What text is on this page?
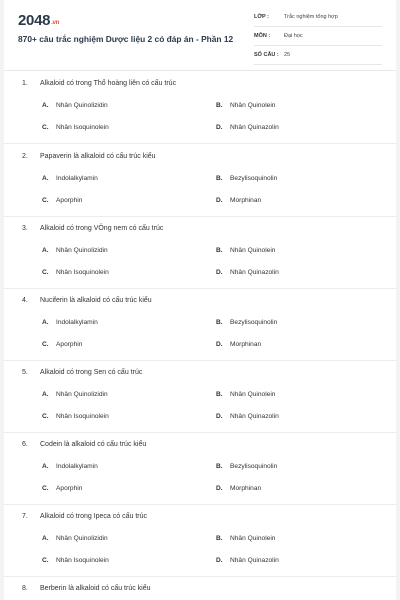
2048.vn
870+ câu trắc nghiệm Dược liệu 2 có đáp án - Phần 12
LỚP :	Trắc nghiệm tổng hợp
MÔN :	Đại học
SỐ CÂU : 25
1. Alkaloid có trong Thổ hoàng liên có cấu trúc
A. Nhân Quinolizidin	B. Nhân Quinolein
C. Nhân Isoquinolein	D. Nhân Quinazolin
2. Papaverin là alkaloid có cấu trúc kiểu
A. Indolalkylamin	B. Bezylisoquinolin
C. Aporphin	D. Morphinan
3. Alkaloid có trong VÔng nem có cấu trúc
A. Nhân Quinolizidin	B. Nhân Quinolein
C. Nhân Isoquinolein	D. Nhân Quinazolin
4. Nuciferin là alkaloid có cấu trúc kiểu
A. Indolalkylamin	B. Bezylisoquinolin
C. Aporphin	D. Morphinan
5. Alkaloid có trong Sen có cấu trúc
A. Nhân Quinolizidin	B. Nhân Quinolein
C. Nhân Isoquinolein	D. Nhân Quinazolin
6. Codein là alkaloid có cấu trúc kiểu
A. Indolalkylamin	B. Bezylisoquinolin
C. Aporphin	D. Morphinan
7. Alkaloid có trong Ipeca có cấu trúc
A. Nhân Quinolizidin	B. Nhân Quinolein
C. Nhân Isoquinolein	D. Nhân Quinazolin
8. Berberin là alkaloid có cấu trúc kiểu
